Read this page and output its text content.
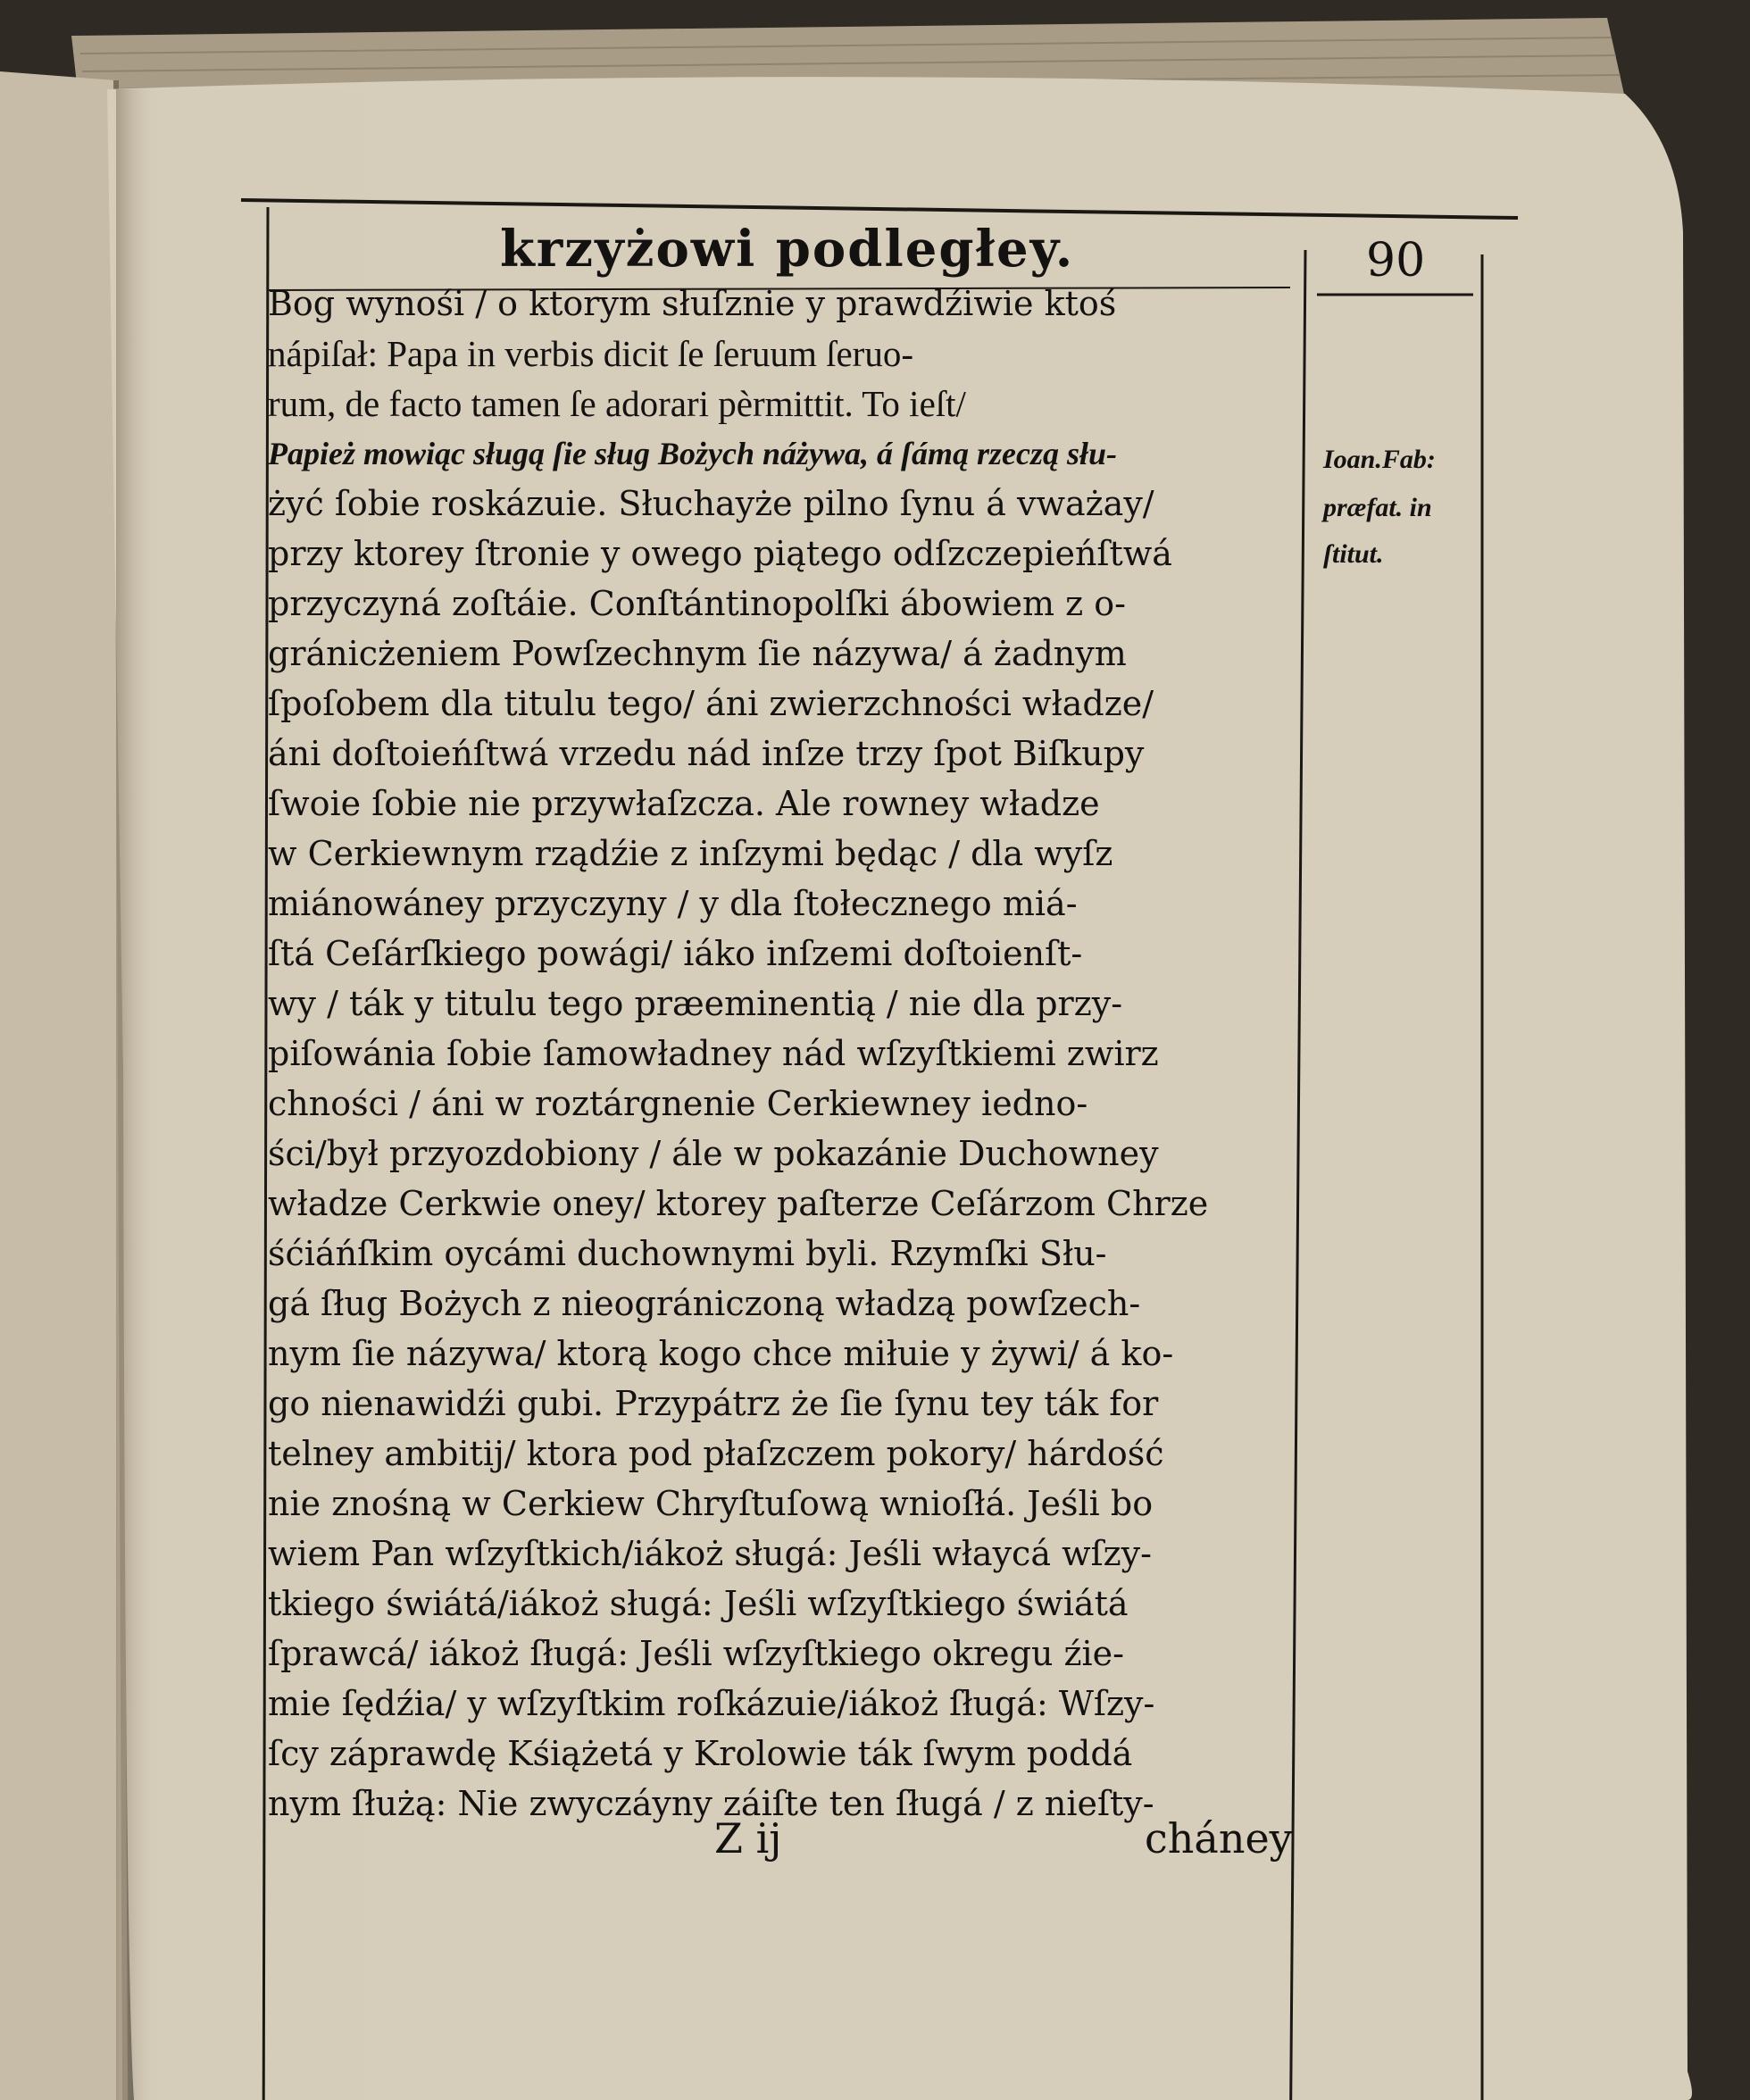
krzyżowi podległey.	90
Bog wynośi / o ktorym słuſznie y prawdźiwie ktoś
nápiſał: Papa in verbis dicit ſe ſeruum ſeruo-
rum, de facto tamen ſe adorari pèrmittit. To ieſt/
Papież mowiąc sługą ſie sług Bożych náżywa, á ſámą rzeczą słu-
żyć ſobie roskázuie. Słuchayże pilno ſynu á vważay/
przy ktorey ſtronie y owego piątego odſzczepieńſtwá
przyczyná zoſtáie. Conſtántinopolſki ábowiem z o-
gránicżeniem Powſzechnym ſie názywa/ á żadnym
ſpoſobem dla titulu tego/ áni zwierzchności władze/
áni doſtoieńſtwá vrzedu nád inſze trzy ſpot Biſkupy
ſwoie ſobie nie przywłaſzcza. Ale rowney władze
w Cerkiewnym rządźie z inſzymi będąc / dla wyſz
miánowáney przyczyny / y dla ſtołecznego miá-
ſtá Ceſárſkiego powági/ iáko inſzemi doſtoienſt-
wy / ták y titulu tego præeminentią / nie dla przy-
piſowánia ſobie ſamowładney nád wſzyſtkiemi zwirz
chności / áni w roztárgnenie Cerkiewney iedno-
ści/był przyozdobiony / ále w pokazánie Duchowney
władze Cerkwie oney/ ktorey paſterze Ceſárzom Chrze
śćiáńſkim oycámi duchownymi byli. Rzymſki Słu-
gá ſług Bożych z nieográniczoną władzą powſzech-
nym ſie názywa/ ktorą kogo chce miłuie y żywi/ á ko-
go nienawidźi gubi. Przypátrz że ſie ſynu tey ták for
telney ambitij/ ktora pod płaſzczem pokory/ hárdość
nie znośną w Cerkiew Chryſtuſową wnioſłá. Jeśli bo
wiem Pan wſzyſtkich/iákoż sługá: Jeśli właycá wſzy-
tkiego świátá/iákoż sługá: Jeśli wſzyſtkiego świátá
ſprawcá/ iákoż ſługá: Jeśli wſzyſtkiego okregu źie-
mie ſędźia/ y wſzyſtkim roſkázuie/iákoż ſługá: Wſzy-
ſcy záprawdę Kśiążetá y Krolowie ták ſwym poddá
nym ſłużą: Nie zwyczáyny záiſte ten ſługá / z nieſty-
Ioan.Fab:
præfat. in
ſtitut.
Z ij	cháney
